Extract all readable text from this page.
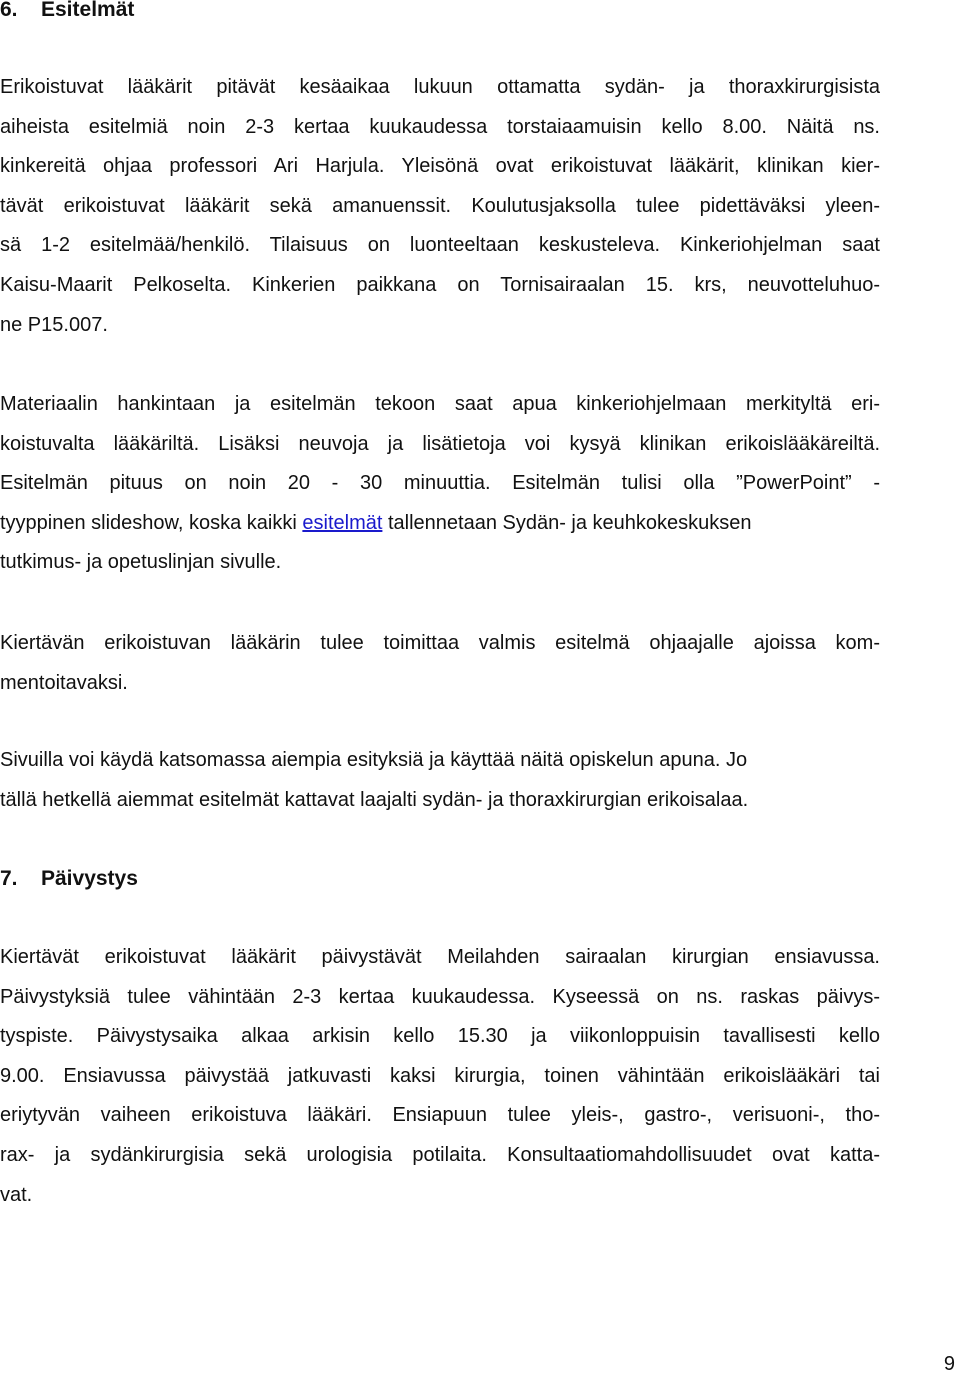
6. Esitelmät
Erikoistuvat lääkärit pitävät kesäaikaa lukuun ottamatta sydän- ja thoraxkirurgisista
aiheista esitelmiä noin 2-3 kertaa kuukaudessa torstaiaamuisin kello 8.00. Näitä ns.
kinkereitä ohjaa professori Ari Harjula. Yleisönä ovat erikoistuvat lääkärit, klinikan kier-
tävät erikoistuvat lääkärit sekä amanuenssit. Koulutusjaksolla tulee pidettäväksi yleen-
sä 1-2 esitelmää/henkilö. Tilaisuus on luonteeltaan keskusteleva. Kinkeriohjelman saat
Kaisu-Maarit Pelkoselta. Kinkerien paikkana on Tornisairaalan 15. krs, neuvotteluhuo-
ne P15.007.
Materiaalin hankintaan ja esitelmän tekoon saat apua kinkeriohjelmaan merkityltä eri-
koistuvalta lääkäriltä. Lisäksi neuvoja ja lisätietoja voi kysyä klinikan erikoislääkäreiltä.
Esitelmän pituus on noin 20 - 30 minuuttia. Esitelmän tulisi olla ”PowerPoint” -
tyyppinen slideshow, koska kaikki esitelmät tallennetaan Sydän- ja keuhkokeskuksen
tutkimus- ja opetuslinjan sivulle.
Kiertävän erikoistuvan lääkärin tulee toimittaa valmis esitelmä ohjaajalle ajoissa kom-
mentoitavaksi.
Sivuilla voi käydä katsomassa aiempia esityksiä ja käyttää näitä opiskelun apuna. Jo
tällä hetkellä aiemmat esitelmät kattavat laajalti sydän- ja thoraxkirurgian erikoisalaa.
7. Päivystys
Kiertävät erikoistuvat lääkärit päivystävät Meilahden sairaalan kirurgian ensiavussa.
Päivystyksiä tulee vähintään 2-3 kertaa kuukaudessa. Kyseessä on ns. raskas päivys-
tyspiste. Päivystysaika alkaa arkisin kello 15.30 ja viikonloppuisin tavallisesti kello
9.00. Ensiavussa päivystää jatkuvasti kaksi kirurgia, toinen vähintään erikoislääkäri tai
eriytyvän vaiheen erikoistuva lääkäri. Ensiapuun tulee yleis-, gastro-, verisuoni-, tho-
rax- ja sydänkirurgisia sekä urologisia potilaita. Konsultaatiomahdollisuudet ovat katta-
vat.
9
